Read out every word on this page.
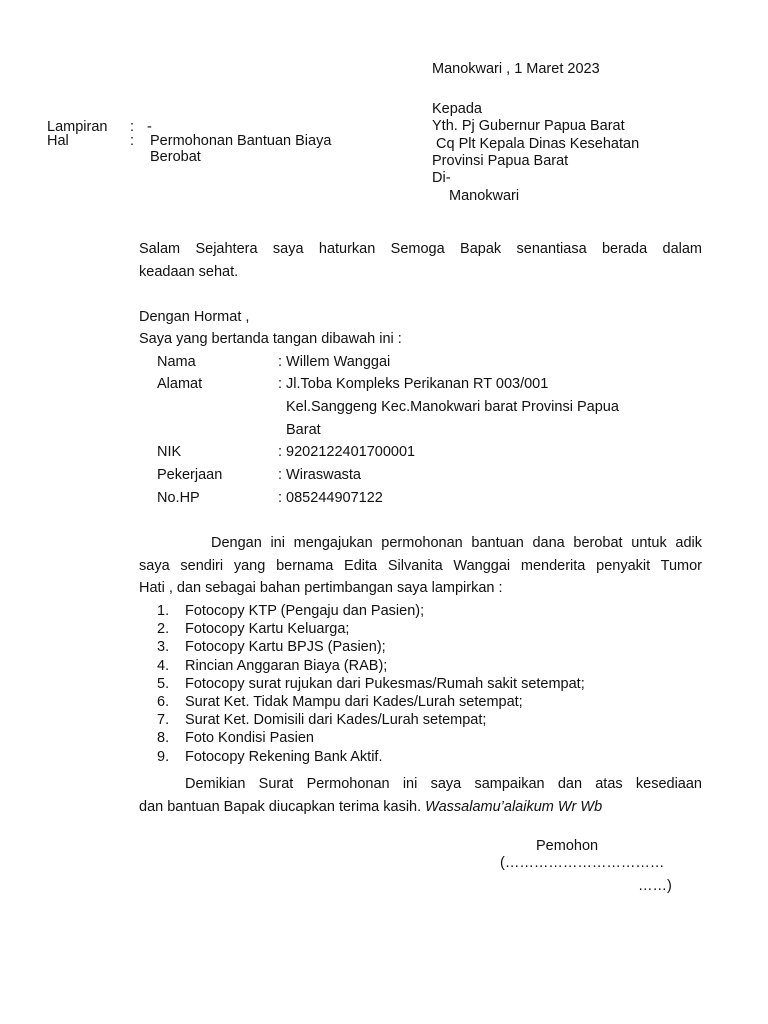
Manokwari , 1 Maret 2023
Lampiran : -
Hal	: Permohonan Bantuan Biaya
Berobat
Kepada
Yth. Pj Gubernur Papua Barat
Cq Plt Kepala Dinas Kesehatan
Provinsi Papua Barat
Di-
Manokwari
Salam Sejahtera saya haturkan Semoga Bapak senantiasa berada dalam
keadaan sehat.
Dengan Hormat ,
Saya yang bertanda tangan dibawah ini :
Nama	: Willem Wanggai
Alamat	: Jl.Toba Kompleks Perikanan RT 003/001
Kel.Sanggeng Kec.Manokwari barat Provinsi Papua
Barat
NIK	: 9202122401700001
Pekerjaan	: Wiraswasta
No.HP	: 085244907122
Dengan ini mengajukan permohonan bantuan dana berobat untuk adik
saya sendiri yang bernama Edita Silvanita Wanggai menderita penyakit Tumor
Hati , dan sebagai bahan pertimbangan saya lampirkan :
1. Fotocopy KTP (Pengaju dan Pasien);
2. Fotocopy Kartu Keluarga;
3. Fotocopy Kartu BPJS (Pasien);
4. Rincian Anggaran Biaya (RAB);
5. Fotocopy surat rujukan dari Pukesmas/Rumah sakit setempat;
6. Surat Ket. Tidak Mampu dari Kades/Lurah setempat;
7. Surat Ket. Domisili dari Kades/Lurah setempat;
8. Foto Kondisi Pasien
9. Fotocopy Rekening Bank Aktif.
Demikian Surat Permohonan ini saya sampaikan dan atas kesediaan
dan bantuan Bapak diucapkan terima kasih. Wassalamu’alaikum Wr Wb
Pemohon
(……………………………
……)
